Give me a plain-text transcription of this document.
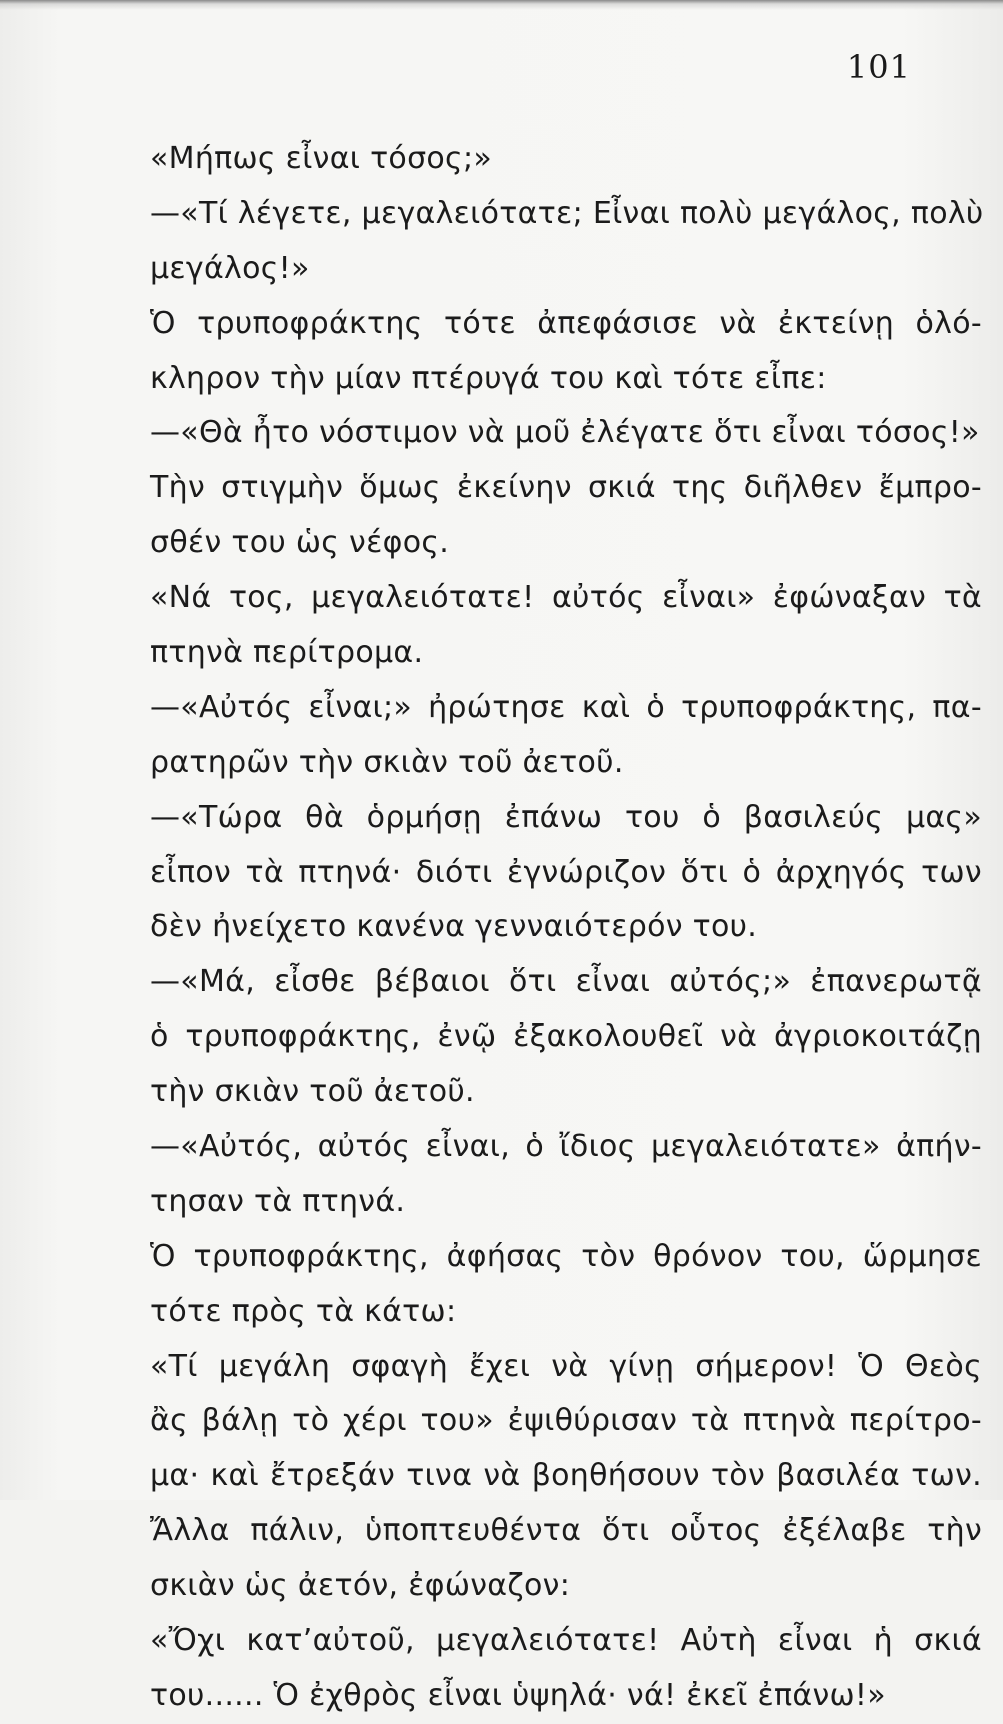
101
«Μήπως εἶναι τόσος;»
—«Τί λέγετε, μεγαλειότατε; Εἶναι πολὺ μεγάλος, πολὺ
μεγάλος!»
Ὁ τρυποφράκτης τότε ἀπεφάσισε νὰ ἐκτείνῃ ὁλό-
κληρον τὴν μίαν πτέρυγά του καὶ τότε εἶπε:
—«Θὰ ἦτο νόστιμον νὰ μοῦ ἐλέγατε ὅτι εἶναι τόσος!»
Τὴν στιγμὴν ὅμως ἐκείνην σκιά της διῆλθεν ἔμπρο-
σθέν του ὡς νέφος.
«Νά τος, μεγαλειότατε! αὐτός εἶναι» ἐφώναξαν τὰ
πτηνὰ περίτρομα.
—«Αὐτός εἶναι;» ἠρώτησε καὶ ὁ τρυποφράκτης, πα-
ρατηρῶν τὴν σκιὰν τοῦ ἀετοῦ.
—«Τώρα θὰ ὁρμήσῃ ἐπάνω του ὁ βασιλεύς μας»
εἶπον τὰ πτηνά· διότι ἐγνώριζον ὅτι ὁ ἀρχηγός των
δὲν ἠνείχετο κανένα γενναιότερόν του.
—«Μά, εἶσθε βέβαιοι ὅτι εἶναι αὐτός;» ἐπανερωτᾷ
ὁ τρυποφράκτης, ἐνῷ ἐξακολουθεῖ νὰ ἀγριοκοιτάζῃ
τὴν σκιὰν τοῦ ἀετοῦ.
—«Αὐτός, αὐτός εἶναι, ὁ ἴδιος μεγαλειότατε» ἀπήν-
τησαν τὰ πτηνά.
Ὁ τρυποφράκτης, ἀφήσας τὸν θρόνον του, ὥρμησε
τότε πρὸς τὰ κάτω:
«Τί μεγάλη σφαγὴ ἔχει νὰ γίνῃ σήμερον! Ὁ Θεὸς
ἂς βάλῃ τὸ χέρι του» ἐψιθύρισαν τὰ πτηνὰ περίτρο-
μα· καὶ ἔτρεξάν τινα νὰ βοηθήσουν τὸν βασιλέα των.
Ἄλλα πάλιν, ὑποπτευθέντα ὅτι οὗτος ἐξέλαβε τὴν
σκιὰν ὡς ἀετόν, ἐφώναζον:
«Ὄχι κατ’αὐτοῦ, μεγαλειότατε! Αὐτὴ εἶναι ἡ σκιά
του...... Ὁ ἐχθρὸς εἶναι ὑψηλά· νά! ἐκεῖ ἐπάνω!»
